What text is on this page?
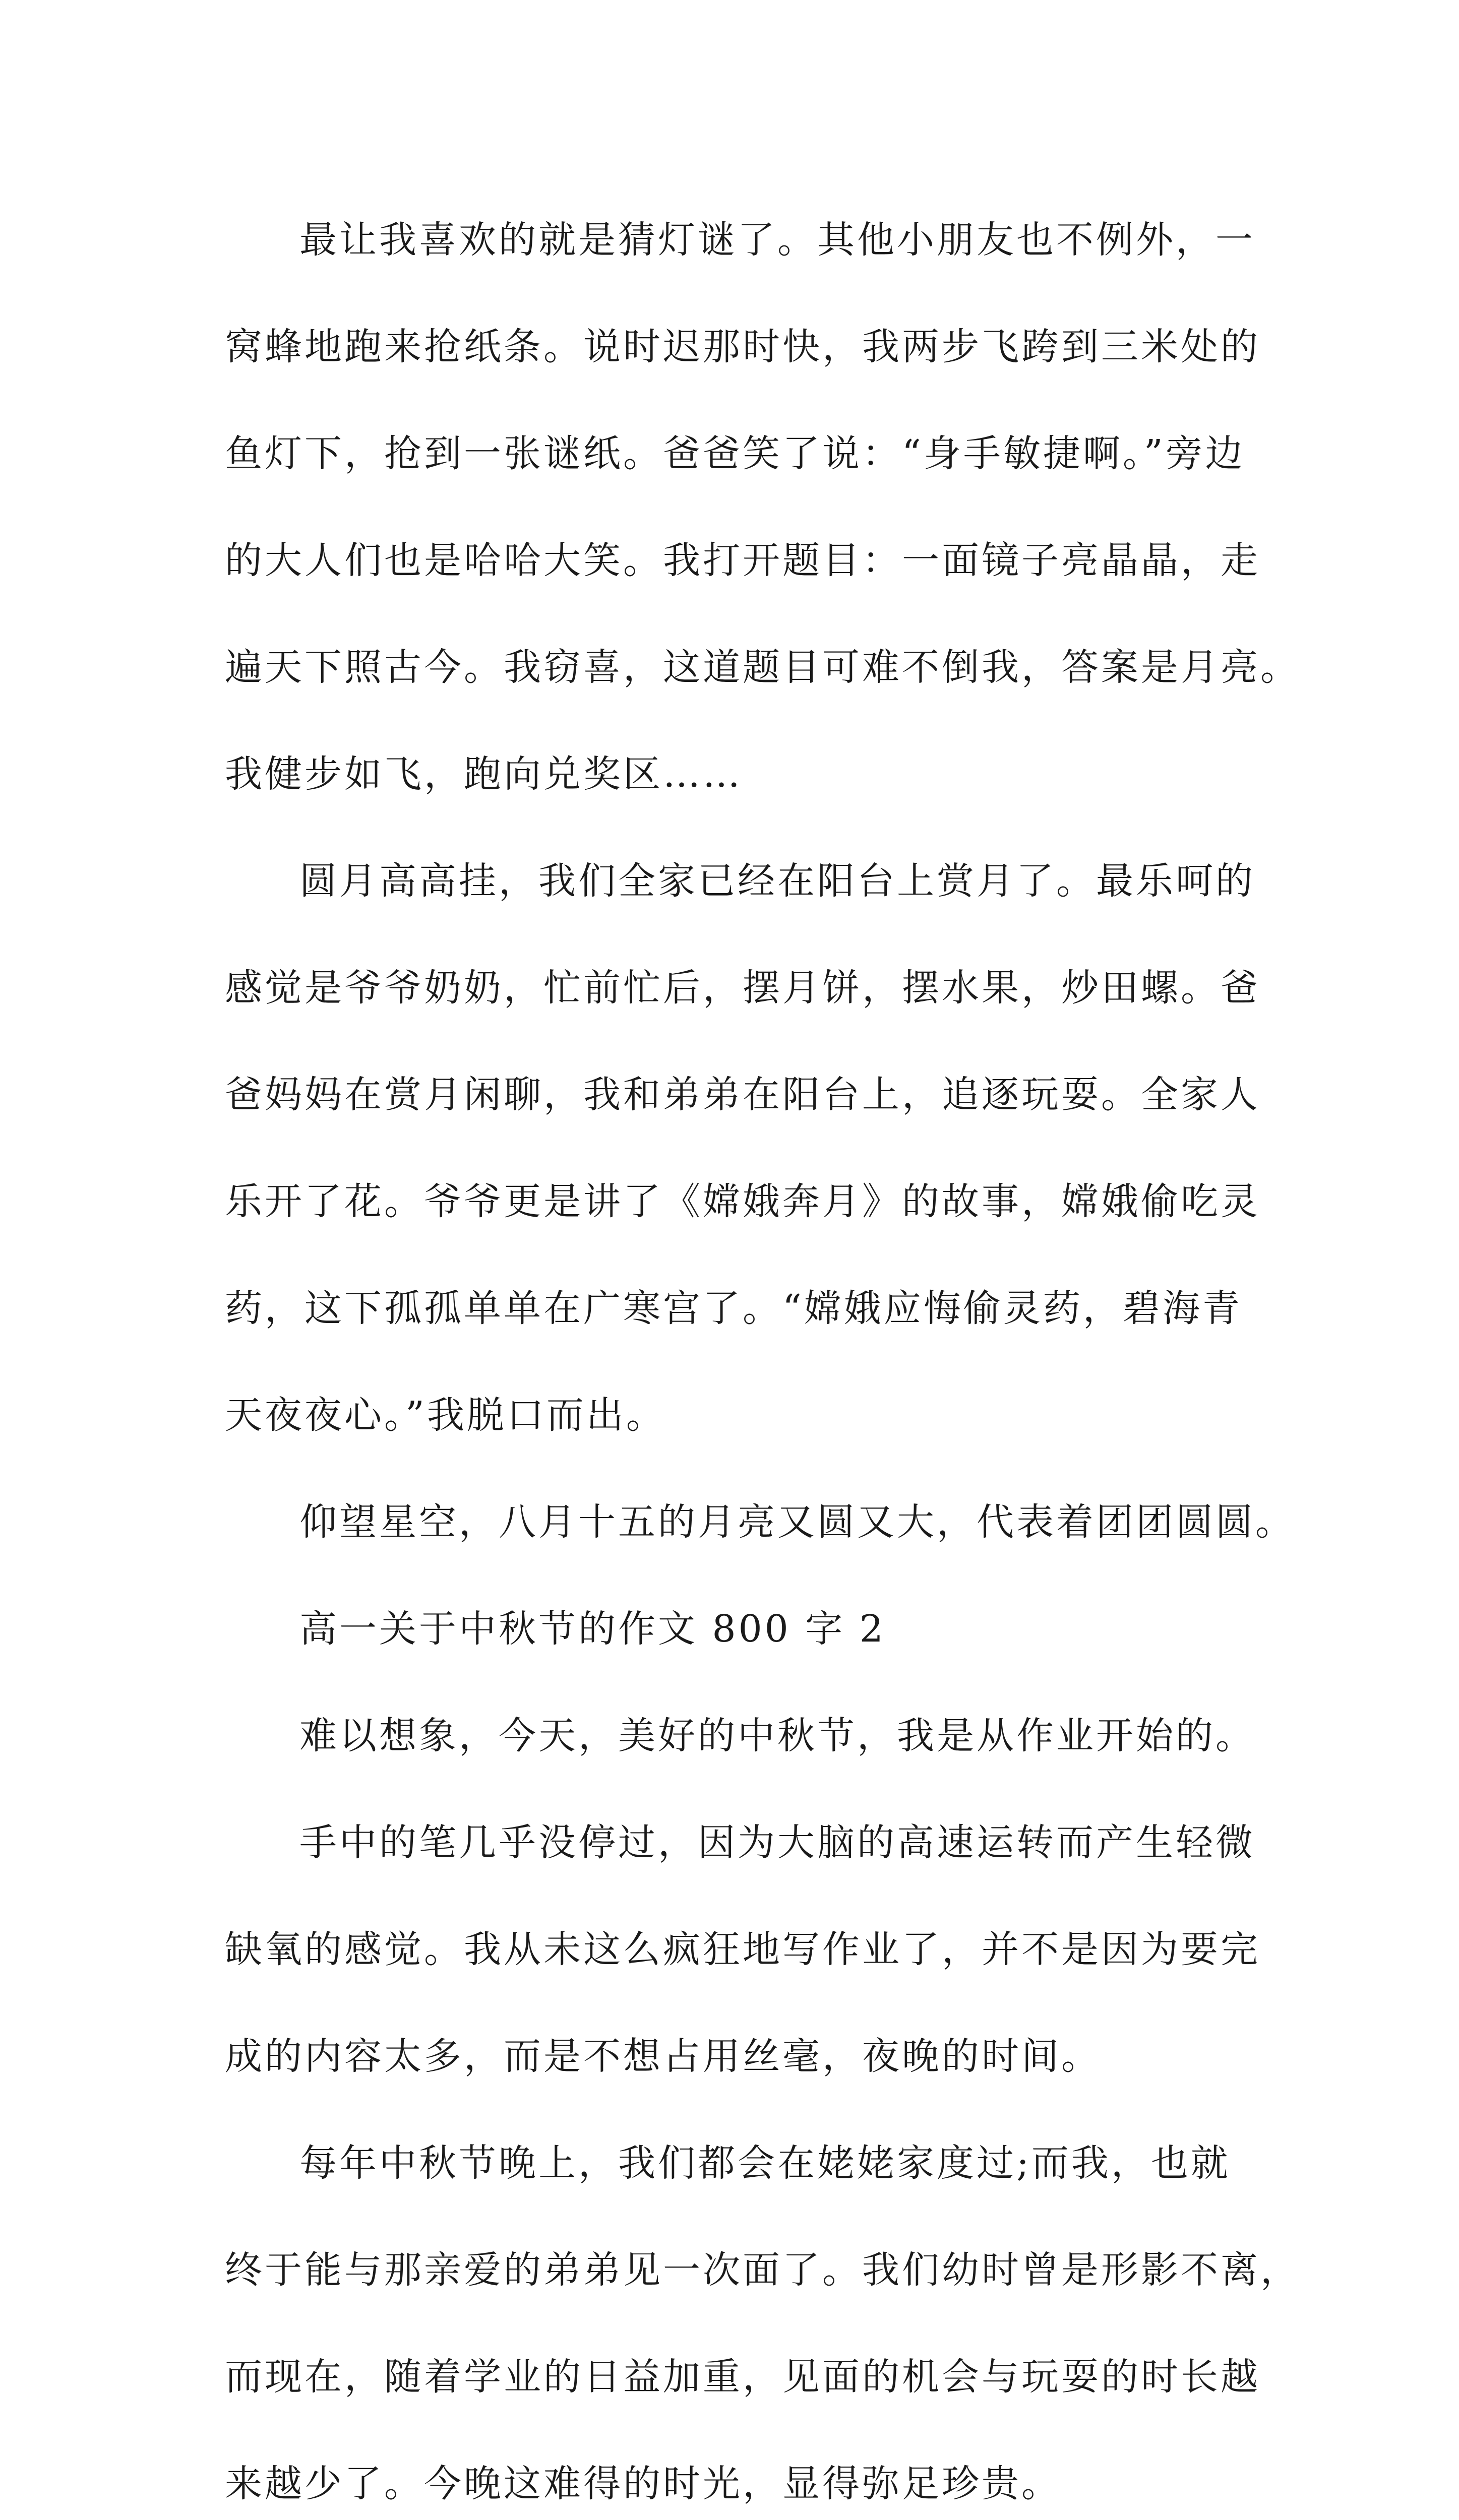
最让我喜欢的就是猜灯谜了。其他小朋友也不例外，一
窝蜂地跑来抢纸条。说时迟那时快，我两步飞跨到三米处的
鱼灯下，抢到一张谜纸。爸爸笑了说：“身手敏捷啊。”旁边
的大人们也是哈哈大笑。我打开题目：一面镜子亮晶晶，走
遍天下照古今。我窃喜，这道题目可难不倒我，答案是月亮。
我健步如飞，跑向兑奖区……
圆月高高挂，我们全家已经在阳台上赏月了。最乐呵的
感觉是爷爷奶奶，忙前忙后，摆月饼，摆水果，炒田螺。爸
爸妈妈在赏月闲聊，我和弟弟在阳台上，追逐玩耍。全家人
乐开了花。爷爷更是讲了《嫦娥奔月》的故事，嫦娥偷吃灵
药，这下孤孤单单在广寒宫了。“嫦娥应悔偷灵药，碧海青
天夜夜心。”我脱口而出。
仰望星空，八月十五的月亮又圆又大，代表着团团圆圆。
高一关于中秋节的作文 800 字 2
难以想象，今天，美好的中秋节，我是从作业开始的。
手中的笔几乎没停过，因为大脑的高速运转而产生轻微
缺氧的感觉。我从未这么疯狂地写作业了，并不是因为要完
成的内容太多，而是不想占用丝毫，夜晚的时间。
每年中秋节晚上，我们都会在姥姥家度过;而我，也就
终于能与那亲爱的弟弟见一次面了。我们幼时曾是形影不离，
而现在，随着学业的日益加重，见面的机会与玩耍的时长越
来越少了。今晚这难得的时光，显得弥足珍贵。
